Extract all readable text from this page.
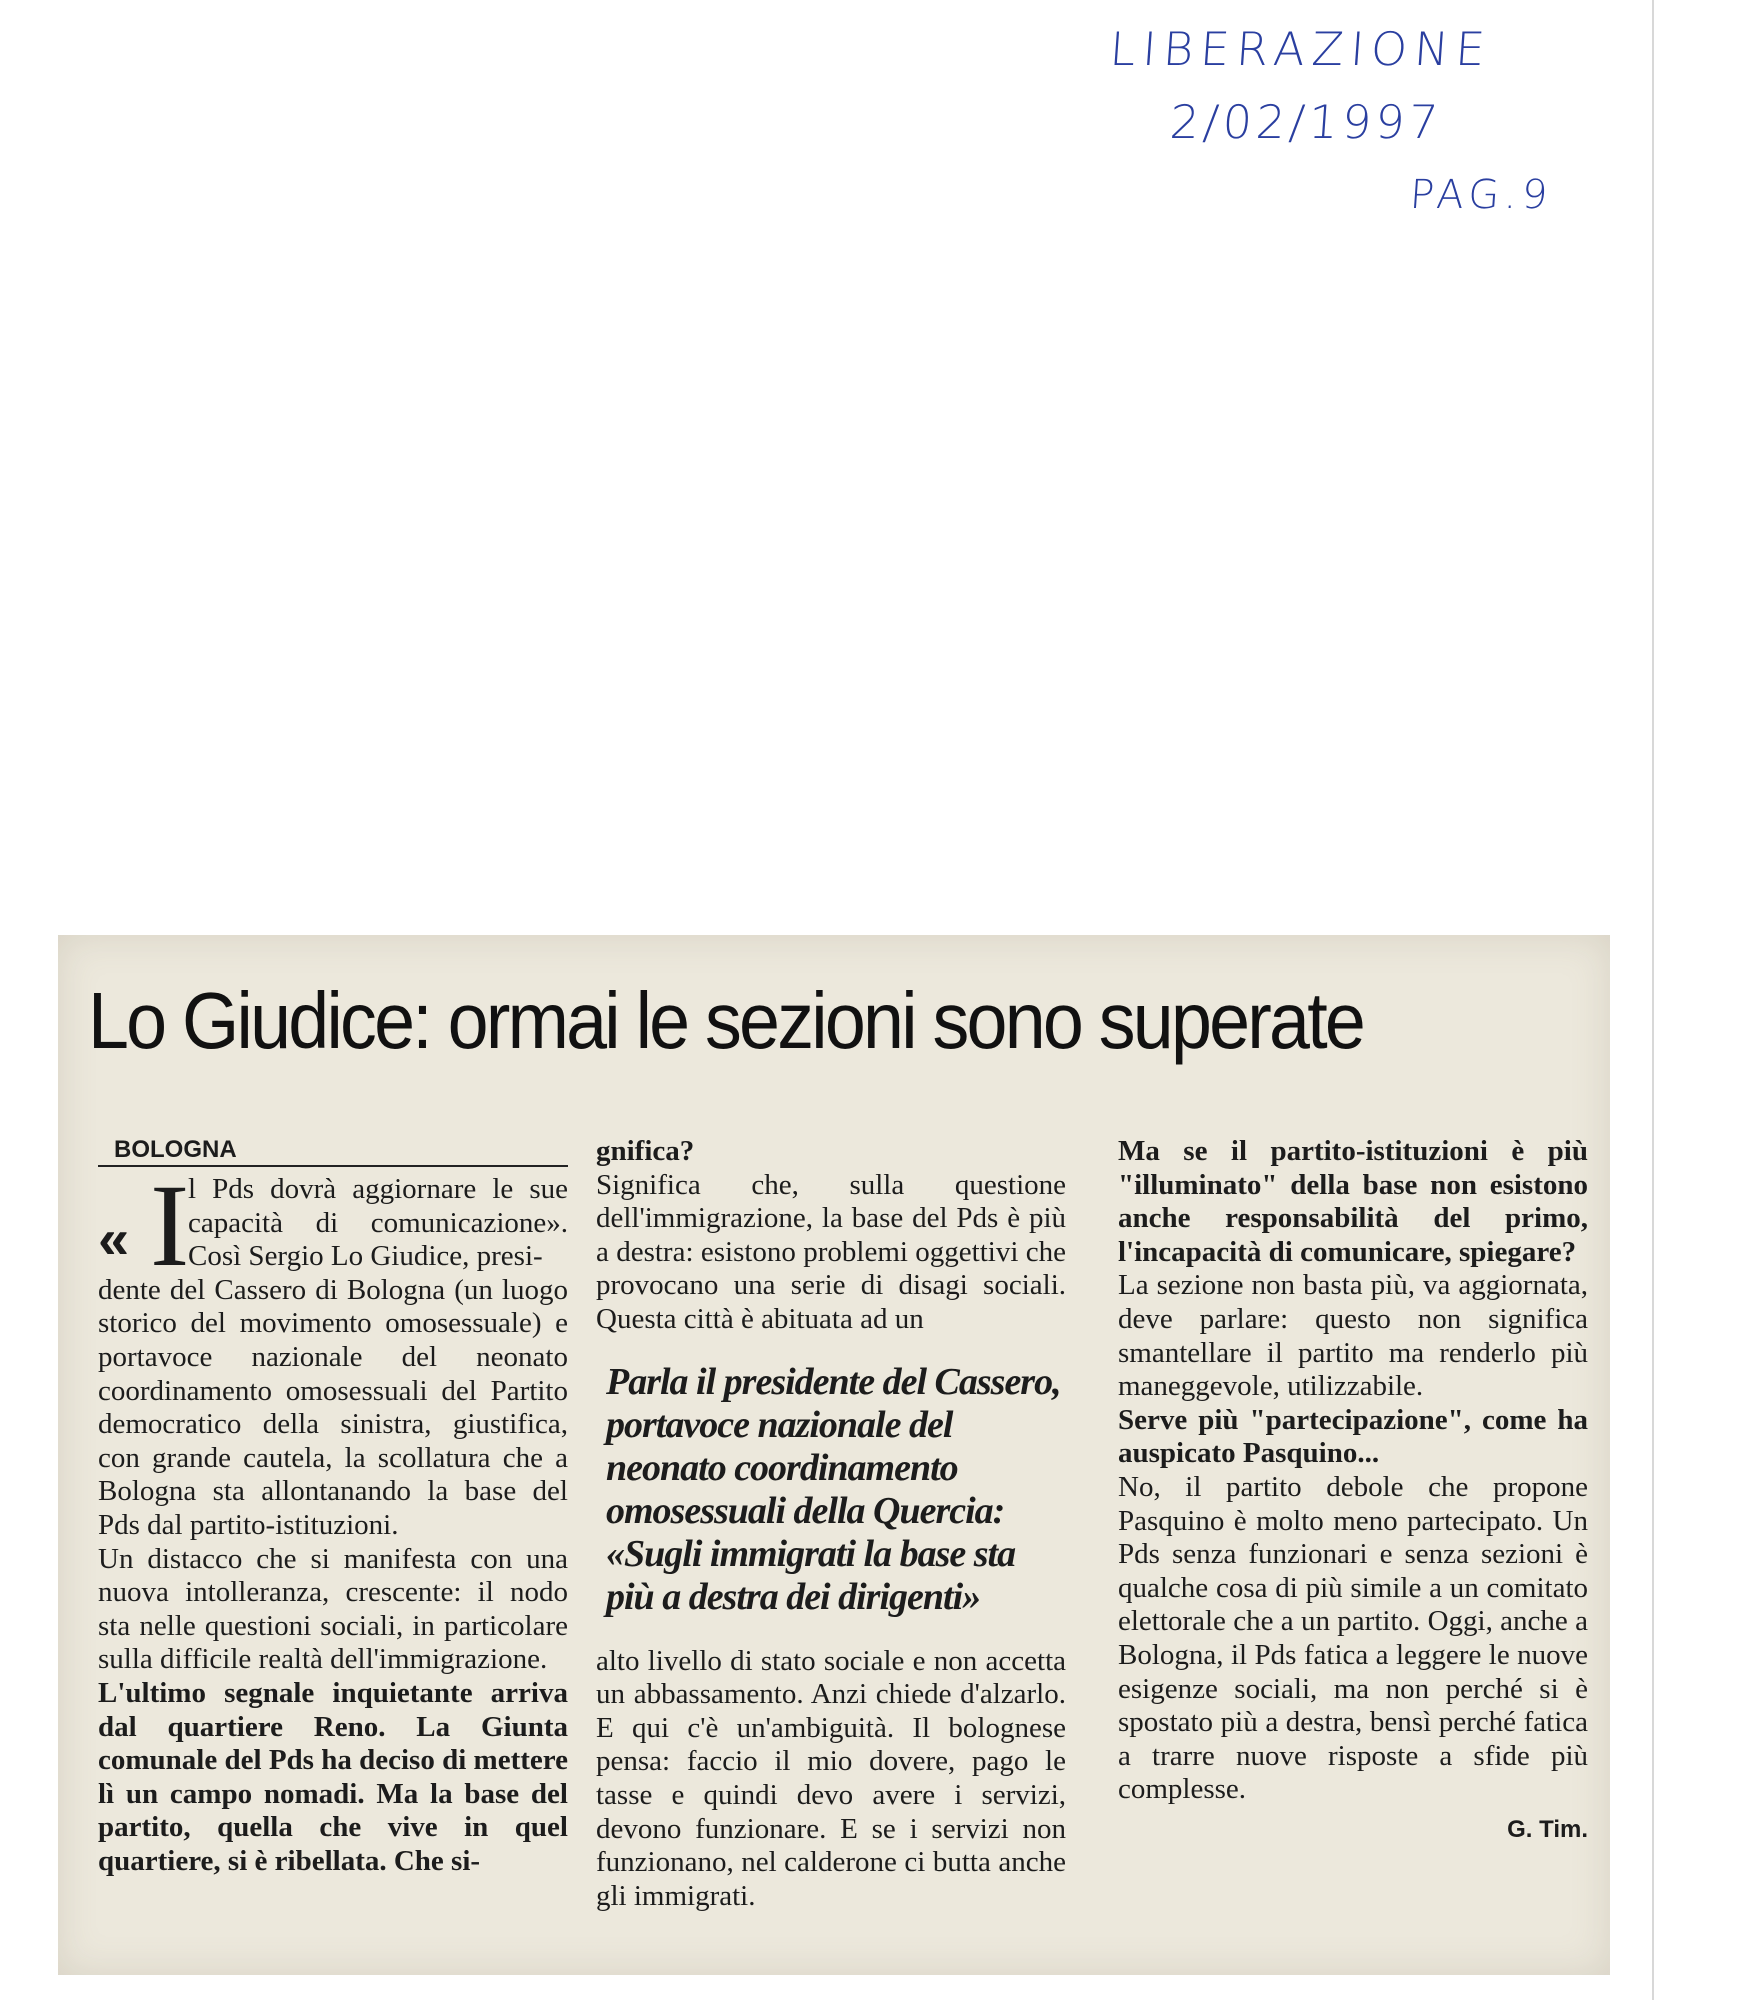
LIBERAZIONE
2/02/1997
PAG.9
Lo Giudice: ormai le sezioni sono superate
BOLOGNA
« I

l Pds dovrà aggiornare le sue capacità di comunicazione». Così Sergio Lo Giudice, presi-

dente del Cassero di Bologna (un luogo storico del movimento omosessuale) e portavoce nazionale del neonato coordinamento omosessuali del Partito democratico della sinistra, giustifica, con grande cautela, la scollatura che a Bologna sta allontanando la base del Pds dal partito-istituzioni.

Un distacco che si manifesta con una nuova intolleranza, crescente: il nodo sta nelle questioni sociali, in particolare sulla difficile realtà dell'immigrazione.

L'ultimo segnale inquietante arriva dal quartiere Reno. La Giunta comunale del Pds ha deciso di mettere lì un campo nomadi. Ma la base del partito, quella che vive in quel quartiere, si è ribellata. Che si-

gnifica?

Significa che, sulla questione dell'immigrazione, la base del Pds è più a destra: esistono problemi oggettivi che provocano una serie di disagi sociali. Questa città è abituata ad un

Parla il presidente del Cassero, portavoce nazionale del neonato coordinamento omosessuali della Quercia: «Sugli immigrati la base sta più a destra dei dirigenti»

alto livello di stato sociale e non accetta un abbassamento. Anzi chiede d'alzarlo. E qui c'è un'ambiguità. Il bolognese pensa: faccio il mio dovere, pago le tasse e quindi devo avere i servizi, devono funzionare. E se i servizi non funzionano, nel calderone ci butta anche gli immigrati.

Ma se il partito-istituzioni è più "illuminato" della base non esistono anche responsabilità del primo, l'incapacità di comunicare, spiegare?

La sezione non basta più, va aggiornata, deve parlare: questo non significa smantellare il partito ma renderlo più maneggevole, utilizzabile.

Serve più "partecipazione", come ha auspicato Pasquino...

No, il partito debole che propone Pasquino è molto meno partecipato. Un Pds senza funzionari e senza sezioni è qualche cosa di più simile a un comitato elettorale che a un partito. Oggi, anche a Bologna, il Pds fatica a leggere le nuove esigenze sociali, ma non perché si è spostato più a destra, bensì perché fatica a trarre nuove risposte a sfide più complesse.

G. Tim.
